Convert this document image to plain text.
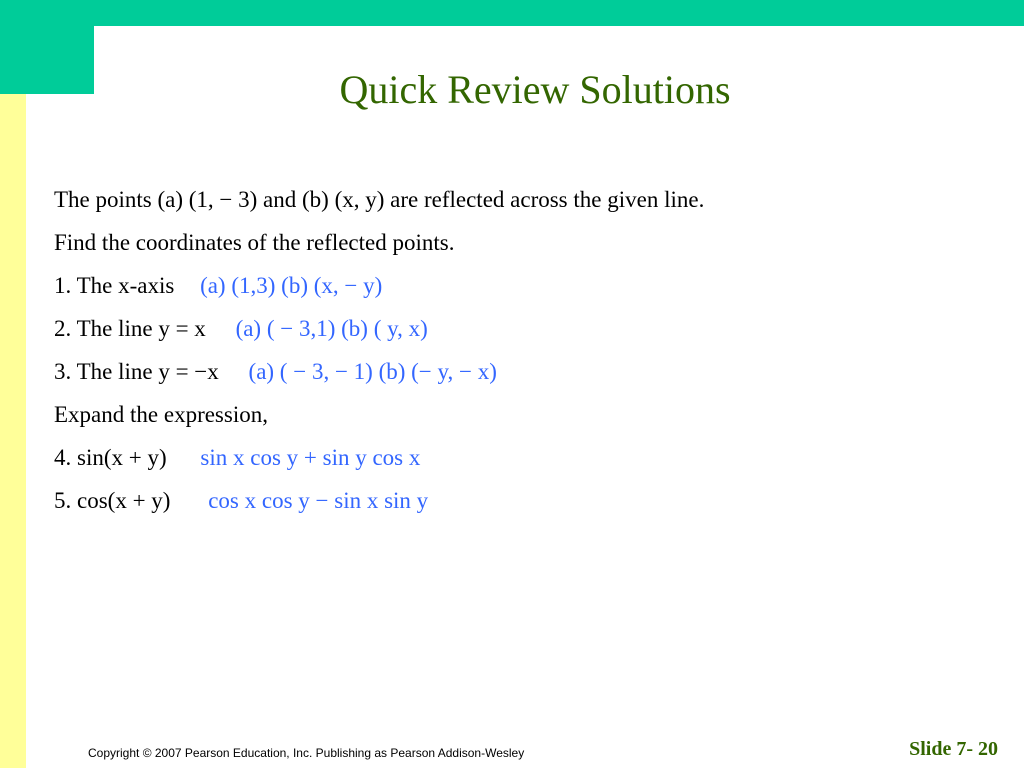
Quick Review Solutions
The points (a) (1, − 3) and (b) (x, y) are reflected across the given line.
Find the coordinates of the reflected points.
1. The x-axis (a) (1,3) (b) (x, − y)
2. The line y = x (a) ( − 3,1) (b) ( y, x)
3. The line y = −x (a) ( − 3, − 1) (b) (− y, − x)
Expand the expression,
4. sin(x + y) sin x cos y + sin y cos x
5. cos(x + y) cos x cos y − sin x sin y
Copyright © 2007 Pearson Education, Inc. Publishing as Pearson Addison-Wesley	Slide 7- 20
